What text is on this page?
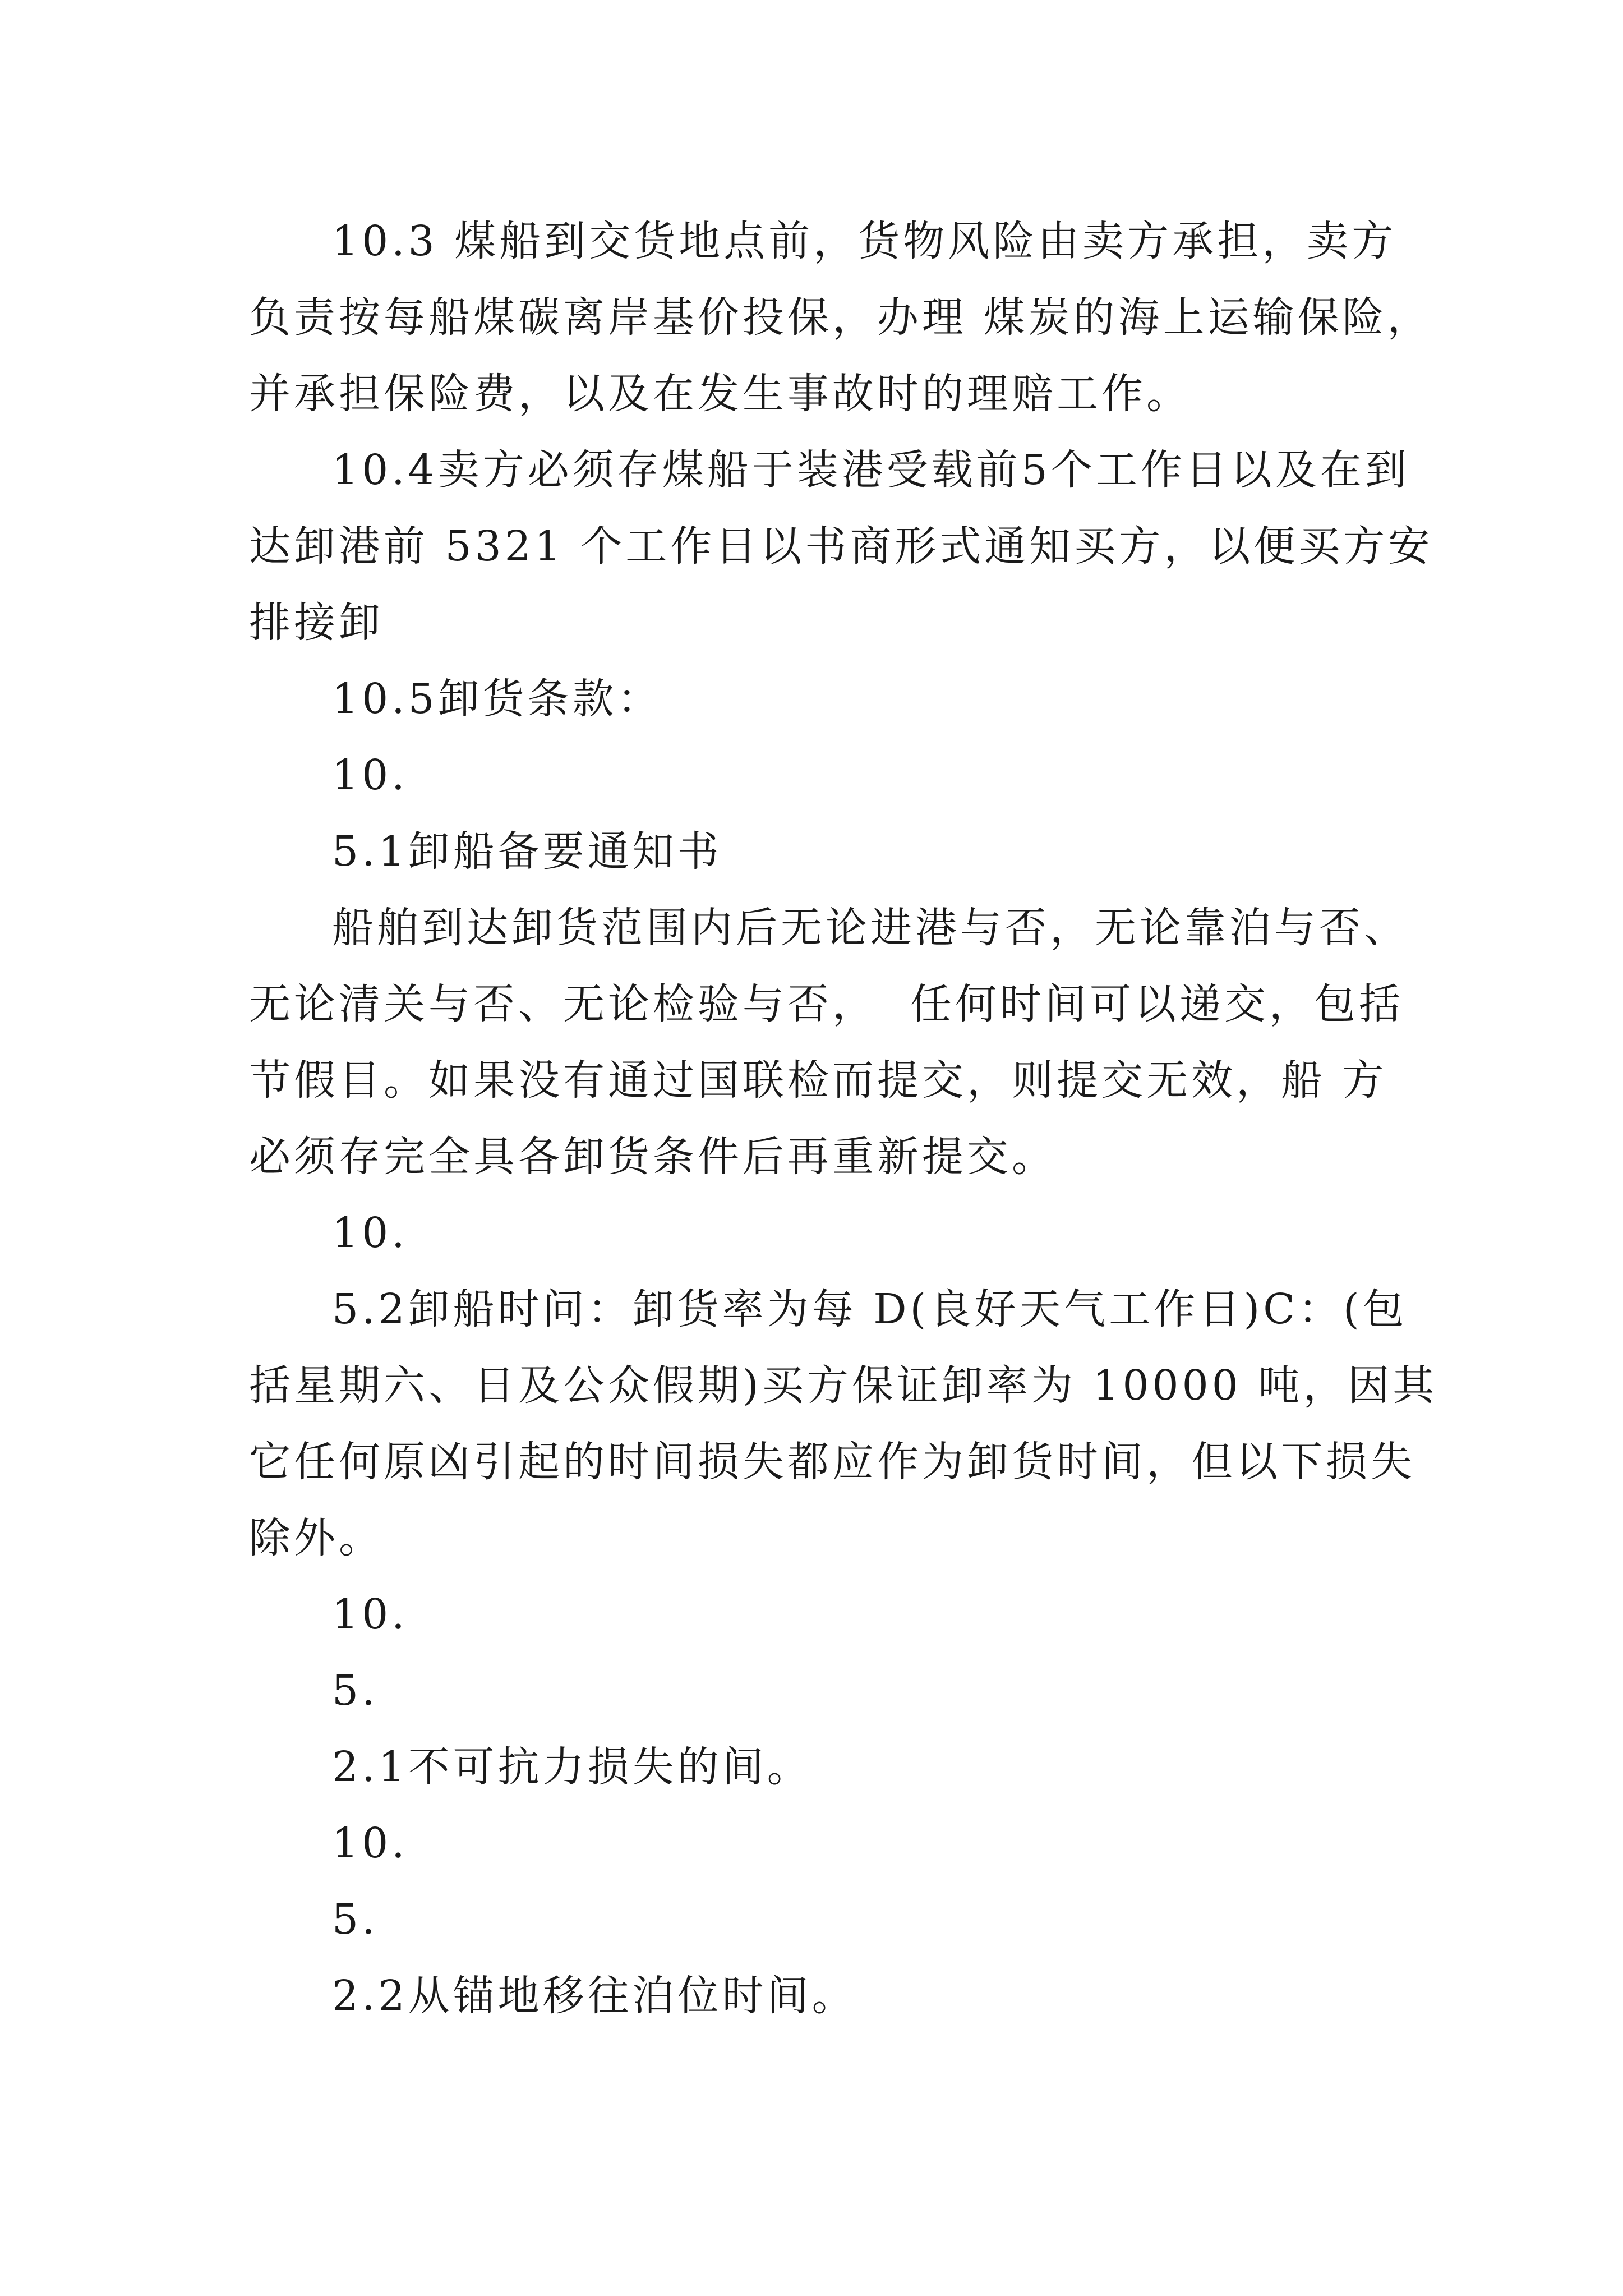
10.3 煤船到交货地点前，货物风险由卖方承担，卖方
负责按每船煤碳离岸基价投保，办理 煤炭的海上运输保险，
并承担保险费，以及在发生事故时的理赔工作。
10.4卖方必须存煤船于装港受载前5个工作日以及在到
达卸港前 5321 个工作日以书商形式通知买方，以便买方安
排接卸
10.5卸货条款：
10.
5.1卸船备要通知书
船舶到达卸货范围内后无论进港与否，无论靠泊与否、
无论清关与否、无论检验与否，  任何时间可以递交，包括
节假目。如果没有通过国联检而提交，则提交无效，船 方
必须存完全具各卸货条件后再重新提交。
10.
5.2卸船时问：卸货率为每 D(良好天气工作日)C：(包
括星期六、日及公众假期)买方保证卸率为 10000 吨，因其
它任何原凶引起的时间损失都应作为卸货时间，但以下损失
除外。
10.
5.
2.1不可抗力损失的间。
10.
5.
2.2从锚地移往泊位时间。
